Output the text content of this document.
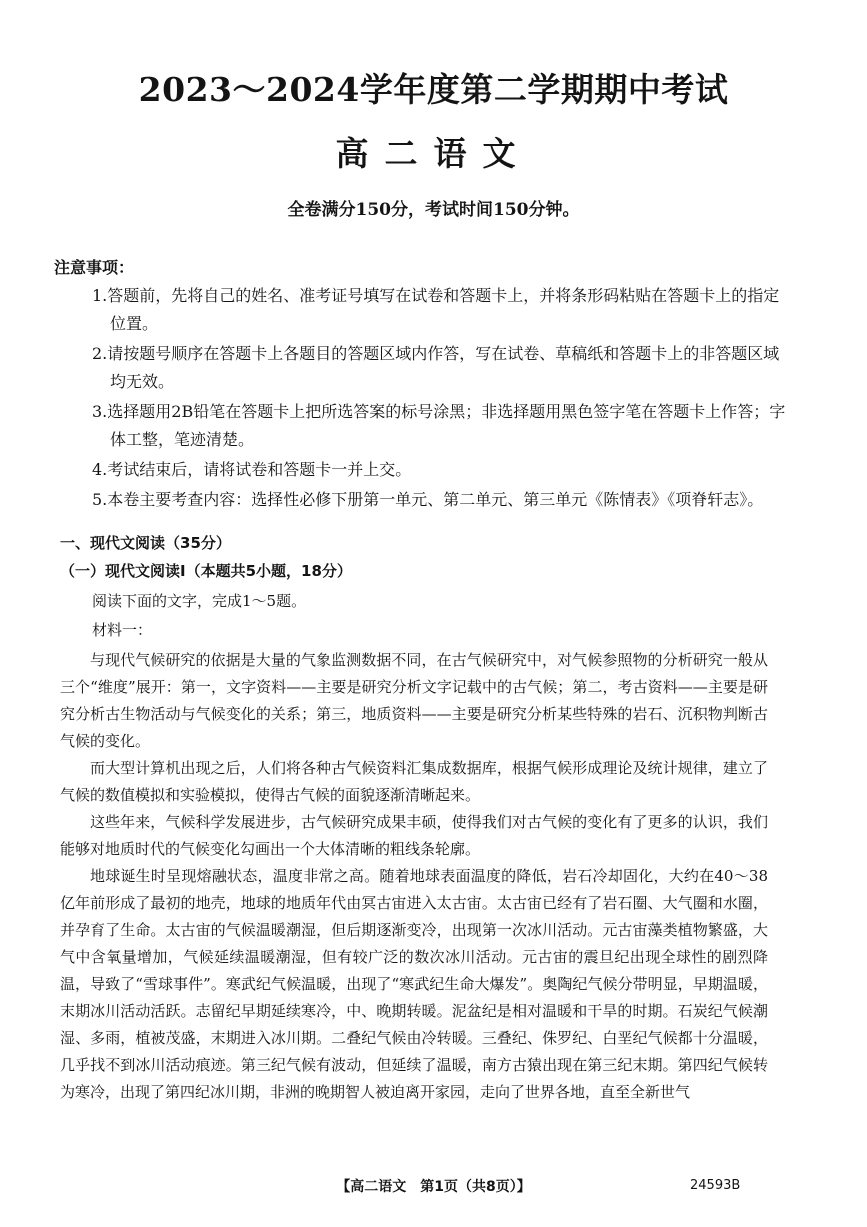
2023～2024学年度第二学期期中考试
高二语文
全卷满分150分，考试时间150分钟。
注意事项：
1.答题前，先将自己的姓名、准考证号填写在试卷和答题卡上，并将条形码粘贴在答题卡上的指定位置。
2.请按题号顺序在答题卡上各题目的答题区域内作答，写在试卷、草稿纸和答题卡上的非答题区域均无效。
3.选择题用2B铅笔在答题卡上把所选答案的标号涂黑；非选择题用黑色签字笔在答题卡上作答；字体工整，笔迹清楚。
4.考试结束后，请将试卷和答题卡一并上交。
5.本卷主要考查内容：选择性必修下册第一单元、第二单元、第三单元《陈情表》《项脊轩志》。
一、现代文阅读（35分）
（一）现代文阅读Ⅰ（本题共5小题，18分）
阅读下面的文字，完成1～5题。
材料一：

与现代气候研究的依据是大量的气象监测数据不同，在古气候研究中，对气候参照物的分析研究一般从三个“维度”展开：第一，文字资料——主要是研究分析文字记载中的古气候；第二，考古资料——主要是研究分析古生物活动与气候变化的关系；第三，地质资料——主要是研究分析某些特殊的岩石、沉积物判断古气候的变化。

而大型计算机出现之后，人们将各种古气候资料汇集成数据库，根据气候形成理论及统计规律，建立了气候的数值模拟和实验模拟，使得古气候的面貌逐渐清晰起来。

这些年来，气候科学发展进步，古气候研究成果丰硕，使得我们对古气候的变化有了更多的认识，我们能够对地质时代的气候变化勾画出一个大体清晰的粗线条轮廓。

地球诞生时呈现熔融状态，温度非常之高。随着地球表面温度的降低，岩石冷却固化，大约在40～38亿年前形成了最初的地壳，地球的地质年代由冥古宙进入太古宙。太古宙已经有了岩石圈、大气圈和水圈，并孕育了生命。太古宙的气候温暖潮湿，但后期逐渐变冷，出现第一次冰川活动。元古宙藻类植物繁盛，大气中含氧量增加，气候延续温暖潮湿，但有较广泛的数次冰川活动。元古宙的震旦纪出现全球性的剧烈降温，导致了“雪球事件”。寒武纪气候温暖，出现了“寒武纪生命大爆发”。奥陶纪气候分带明显，早期温暖，末期冰川活动活跃。志留纪早期延续寒冷，中、晚期转暖。泥盆纪是相对温暖和干旱的时期。石炭纪气候潮湿、多雨，植被茂盛，末期进入冰川期。二叠纪气候由冷转暖。三叠纪、侏罗纪、白垩纪气候都十分温暖，几乎找不到冰川活动痕迹。第三纪气候有波动，但延续了温暖，南方古猿出现在第三纪末期。第四纪气候转为寒冷，出现了第四纪冰川期，非洲的晚期智人被迫离开家园，走向了世界各地，直至全新世气

【高二语文　第1页（共8页）】	24593B
